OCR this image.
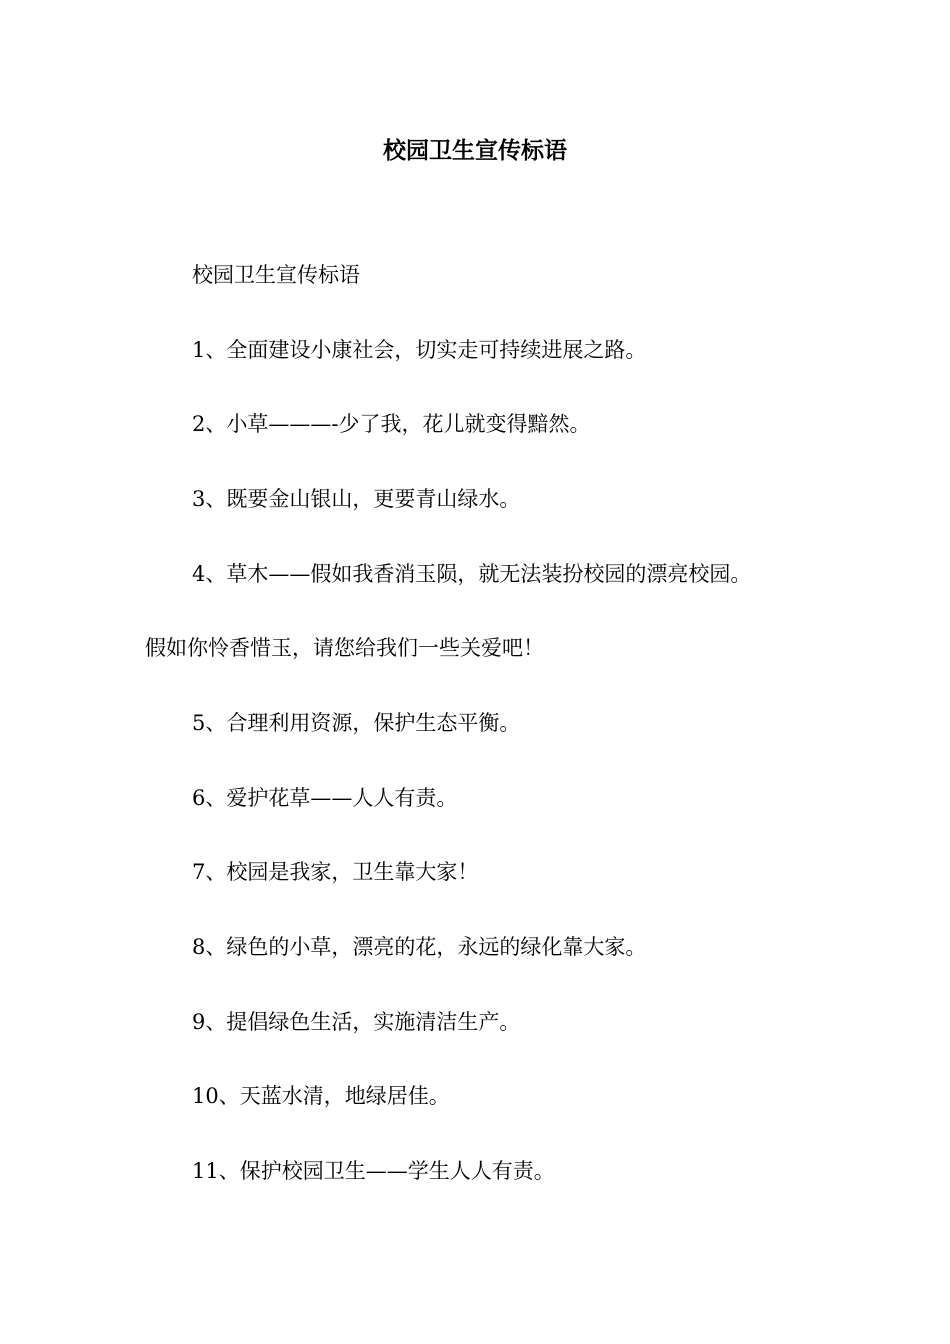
校园卫生宣传标语
校园卫生宣传标语
1、全面建设小康社会，切实走可持续进展之路。
2、小草———-少了我，花儿就变得黯然。
3、既要金山银山，更要青山绿水。
4、草木——假如我香消玉陨，就无法装扮校园的漂亮校园。
假如你怜香惜玉，请您给我们一些关爱吧！
5、合理利用资源，保护生态平衡。
6、爱护花草——人人有责。
7、校园是我家，卫生靠大家！
8、绿色的小草，漂亮的花，永远的绿化靠大家。
9、提倡绿色生活，实施清洁生产。
10、天蓝水清，地绿居佳。
11、保护校园卫生——学生人人有责。
